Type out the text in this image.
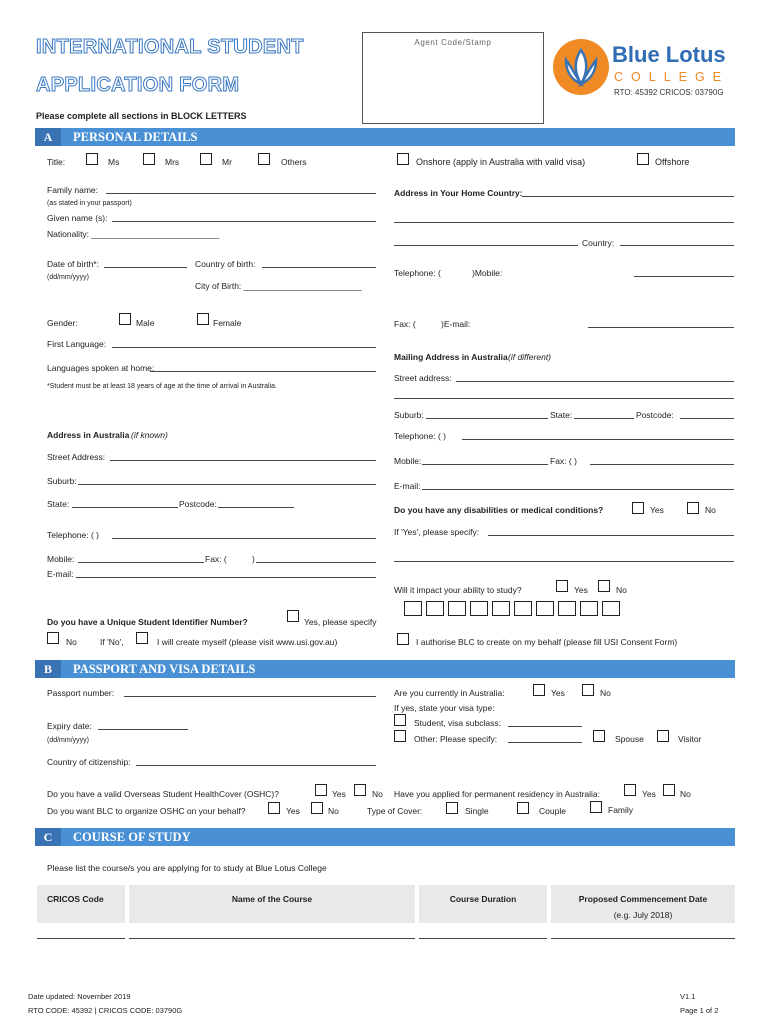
INTERNATIONAL STUDENT
APPLICATION FORM
Agent Code/Stamp	Blue Lotus
COLLEGE
RTO: 45392 CRICOS: 03790G
Please complete all sections in BLOCK LETTERS
A	PERSONAL DETAILS
Title:	Ms	Mrs	Mr	Others	Onshore (apply in Australia with valid visa)	Offshore
Family name:
(as stated in your passport)
Address in Your Home Country:
Given name (s):
Nationality: ___________________________
Country:
Date of birth*:
(dd/mm/yyyy)
Country of birth:
City of Birth: _________________________
Telephone: (	)Mobile:
Gender:	Male	Female	Fax: (	)E-mail:
First Language:
Mailing Address in Australia (if different)
Languages spoken at home:
Street address:
*Student must be at least 18 years of age at the time of arrival in Australia.
Suburb:	State:	Postcode:
Address in Australia (if known)	Telephone: ( )
Street Address:	Mobile:	Fax: ( )
Suburb:	E-mail:
State:	Postcode:
Do you have any disabilities or medical conditions?	Yes	No
Telephone: ( )	If 'Yes', please specify:
Mobile:	Fax: (	)
E-mail:
Will it impact your ability to study?	Yes	No
Do you have a Unique Student Identifier Number?	Yes, please specify
No	If 'No',	I will create myself (please visit www.usi.gov.au)	I authorise BLC to create on my behalf (please fill USI Consent Form)
B	PASSPORT AND VISA DETAILS
Passport number:	Are you currently in Australia:	Yes	No
If yes, state your visa type:
Expiry date:
(dd/mm/yyyy)
Student, visa subclass:
Other: Please specify:	Spouse	Visitor
Country of citizenship:
Do you have a valid Overseas Student HealthCover (OSHC)?	Yes	No Have you applied for permanent residency in Australia:	Yes	No
Do you want BLC to organize OSHC on your behalf?	Yes	No	Type of Cover:	Single	Couple	Family
C	COURSE OF STUDY
Please list the course/s you are applying for to study at Blue Lotus College
CRICOS Code	Name of the Course	Course Duration	Proposed Commencement Date
(e.g. July 2018)
Date updated: November 2019
RTO CODE: 45392 | CRICOS CODE: 03790G
V1.1
Page 1 of 2
